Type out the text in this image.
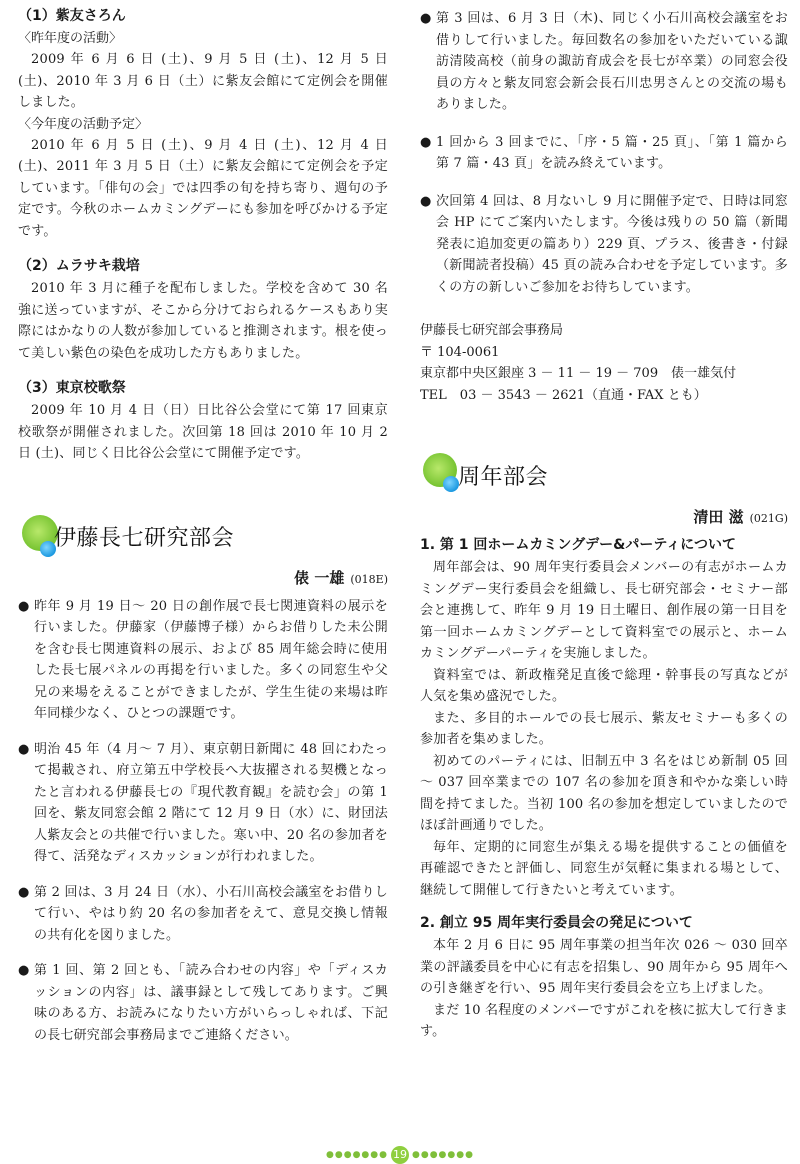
（1）紫友さろん

〈昨年度の活動〉

2009 年 6 月 6 日 (土)、9 月 5 日 (土)、12 月 5 日 (土)、2010 年 3 月 6 日（土）に紫友会館にて定例会を開催しました。

〈今年度の活動予定〉

2010 年 6 月 5 日 (土)、9 月 4 日 (土)、12 月 4 日 (土)、2011 年 3 月 5 日（土）に紫友会館にて定例会を予定しています。「俳句の会」では四季の旬を持ち寄り、週句の予定です。今秋のホームカミングデーにも参加を呼びかける予定です。

（2）ムラサキ栽培

2010 年 3 月に種子を配布しました。学校を含めて 30 名強に送っていますが、そこから分けておられるケースもあり実際にはかなりの人数が参加していると推測されます。根を使って美しい紫色の染色を成功した方もありました。

（3）東京校歌祭

2009 年 10 月 4 日（日）日比谷公会堂にて第 17 回東京校歌祭が開催されました。次回第 18 回は 2010 年 10 月 2 日 (土)、同じく日比谷公会堂にて開催予定です。

伊藤長七研究部会
俵 一雄 (018E)

● 昨年 9 月 19 日～ 20 日の創作展で長七関連資料の展示を行いました。伊藤家（伊藤博子様）からお借りした未公開を含む長七関連資料の展示、および 85 周年総会時に使用した長七展パネルの再掲を行いました。多くの同窓生や父兄の来場をえることができましたが、学生生徒の来場は昨年同様少なく、ひとつの課題です。

● 明治 45 年（4 月～ 7 月）、東京朝日新聞に 48 回にわたって掲載され、府立第五中学校長へ大抜擢される契機となったと言われる伊藤長七の『現代教育観』を読む会」の第 1 回を、紫友同窓会館 2 階にて 12 月 9 日（水）に、財団法人紫友会との共催で行いました。寒い中、20 名の参加者を得て、活発なディスカッションが行われました。

● 第 2 回は、3 月 24 日（水）、小石川高校会議室をお借りして行い、やはり約 20 名の参加者をえて、意見交換し情報の共有化を図りました。

● 第 1 回、第 2 回とも、「読み合わせの内容」や「ディスカッションの内容」は、議事録として残してあります。ご興味のある方、お読みになりたい方がいらっしゃれば、下記の長七研究部会事務局までご連絡ください。

● 第 3 回は、6 月 3 日（木)、同じく小石川高校会議室をお借りして行いました。毎回数名の参加をいただいている諏訪清陵高校（前身の諏訪育成会を長七が卒業）の同窓会役員の方々と紫友同窓会新会長石川忠男さんとの交流の場もありました。

● 1 回から 3 回までに、「序・5 篇・25 頁」、「第 1 篇から第 7 篇・43 頁」を読み終えています。

● 次回第 4 回は、8 月ないし 9 月に開催予定で、日時は同窓会 HP にてご案内いたします。今後は残りの 50 篇（新聞発表に追加変更の篇あり）229 頁、プラス、後書き・付録（新聞読者投稿）45 頁の読み合わせを予定しています。多くの方の新しいご参加をお待ちしています。

伊藤長七研究部会事務局

〒 104-0061

東京都中央区銀座 3 － 11 － 19 － 709　俵一雄気付

TEL　03 － 3543 － 2621（直通・FAX とも）

周年部会
清田 滋 (021G)
1. 第 1 回ホームカミングデー&パーティについて

周年部会は、90 周年実行委員会メンバーの有志がホームカミングデー実行委員会を組織し、長七研究部会・セミナー部会と連携して、昨年 9 月 19 日土曜日、創作展の第一日目を第一回ホームカミングデーとして資料室での展示と、ホームカミングデーパーティを実施しました。

資料室では、新政権発足直後で総理・幹事長の写真などが人気を集め盛況でした。

また、多目的ホールでの長七展示、紫友セミナーも多くの参加者を集めました。

初めてのパーティには、旧制五中 3 名をはじめ新制 05 回～ 037 回卒業までの 107 名の参加を頂き和やかな楽しい時間を持てました。当初 100 名の参加を想定していましたのでほぼ計画通りでした。

毎年、定期的に同窓生が集える場を提供することの価値を再確認できたと評価し、同窓生が気軽に集まれる場として、継続して開催して行きたいと考えています。

2. 創立 95 周年実行委員会の発足について

本年 2 月 6 日に 95 周年事業の担当年次 026 ～ 030 回卒業の評議委員を中心に有志を招集し、90 周年から 95 周年への引き継ぎを行い、95 周年実行委員会を立ち上げました。

まだ 10 名程度のメンバーですがこれを核に拡大して行きます。

●●●●●●● 19 ●●●●●●●
